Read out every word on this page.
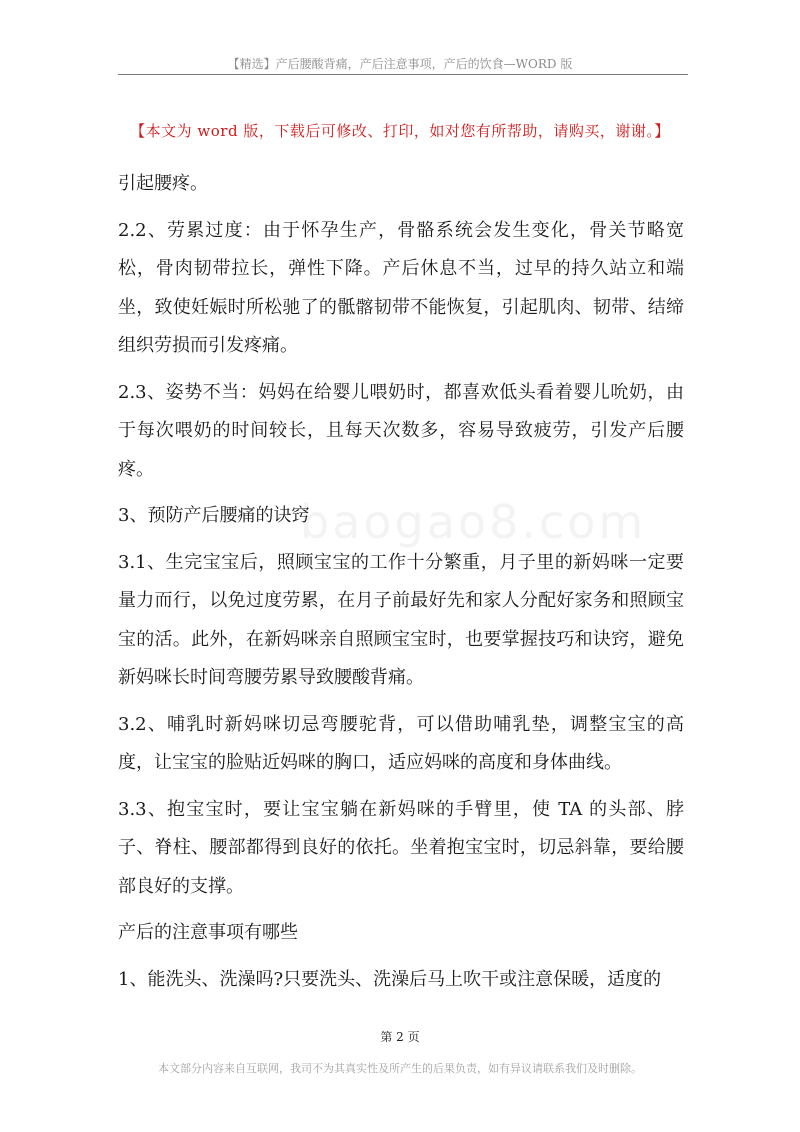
【精选】产后腰酸背痛，产后注意事项，产后的饮食—WORD 版
【本文为 word 版，下载后可修改、打印，如对您有所帮助，请购买，谢谢。】
baogao8.com

引起腰疼。

2.2、劳累过度：由于怀孕生产，骨骼系统会发生变化，骨关节略宽松，骨肉韧带拉长，弹性下降。产后休息不当，过早的持久站立和端坐，致使妊娠时所松驰了的骶髂韧带不能恢复，引起肌肉、韧带、结缔组织劳损而引发疼痛。

2.3、姿势不当：妈妈在给婴儿喂奶时，都喜欢低头看着婴儿吮奶，由于每次喂奶的时间较长，且每天次数多，容易导致疲劳，引发产后腰疼。

3、预防产后腰痛的诀窍

3.1、生完宝宝后，照顾宝宝的工作十分繁重，月子里的新妈咪一定要量力而行，以免过度劳累，在月子前最好先和家人分配好家务和照顾宝宝的活。此外，在新妈咪亲自照顾宝宝时，也要掌握技巧和诀窍，避免新妈咪长时间弯腰劳累导致腰酸背痛。

3.2、哺乳时新妈咪切忌弯腰驼背，可以借助哺乳垫，调整宝宝的高度，让宝宝的脸贴近妈咪的胸口，适应妈咪的高度和身体曲线。

3.3、抱宝宝时，要让宝宝躺在新妈咪的手臂里，使 TA 的头部、脖子、脊柱、腰部都得到良好的依托。坐着抱宝宝时，切忌斜靠，要给腰部良好的支撑。

产后的注意事项有哪些

1、能洗头、洗澡吗?只要洗头、洗澡后马上吹干或注意保暖，适度的

第 2 页
本文部分内容来自互联网，我司不为其真实性及所产生的后果负责，如有异议请联系我们及时删除。
